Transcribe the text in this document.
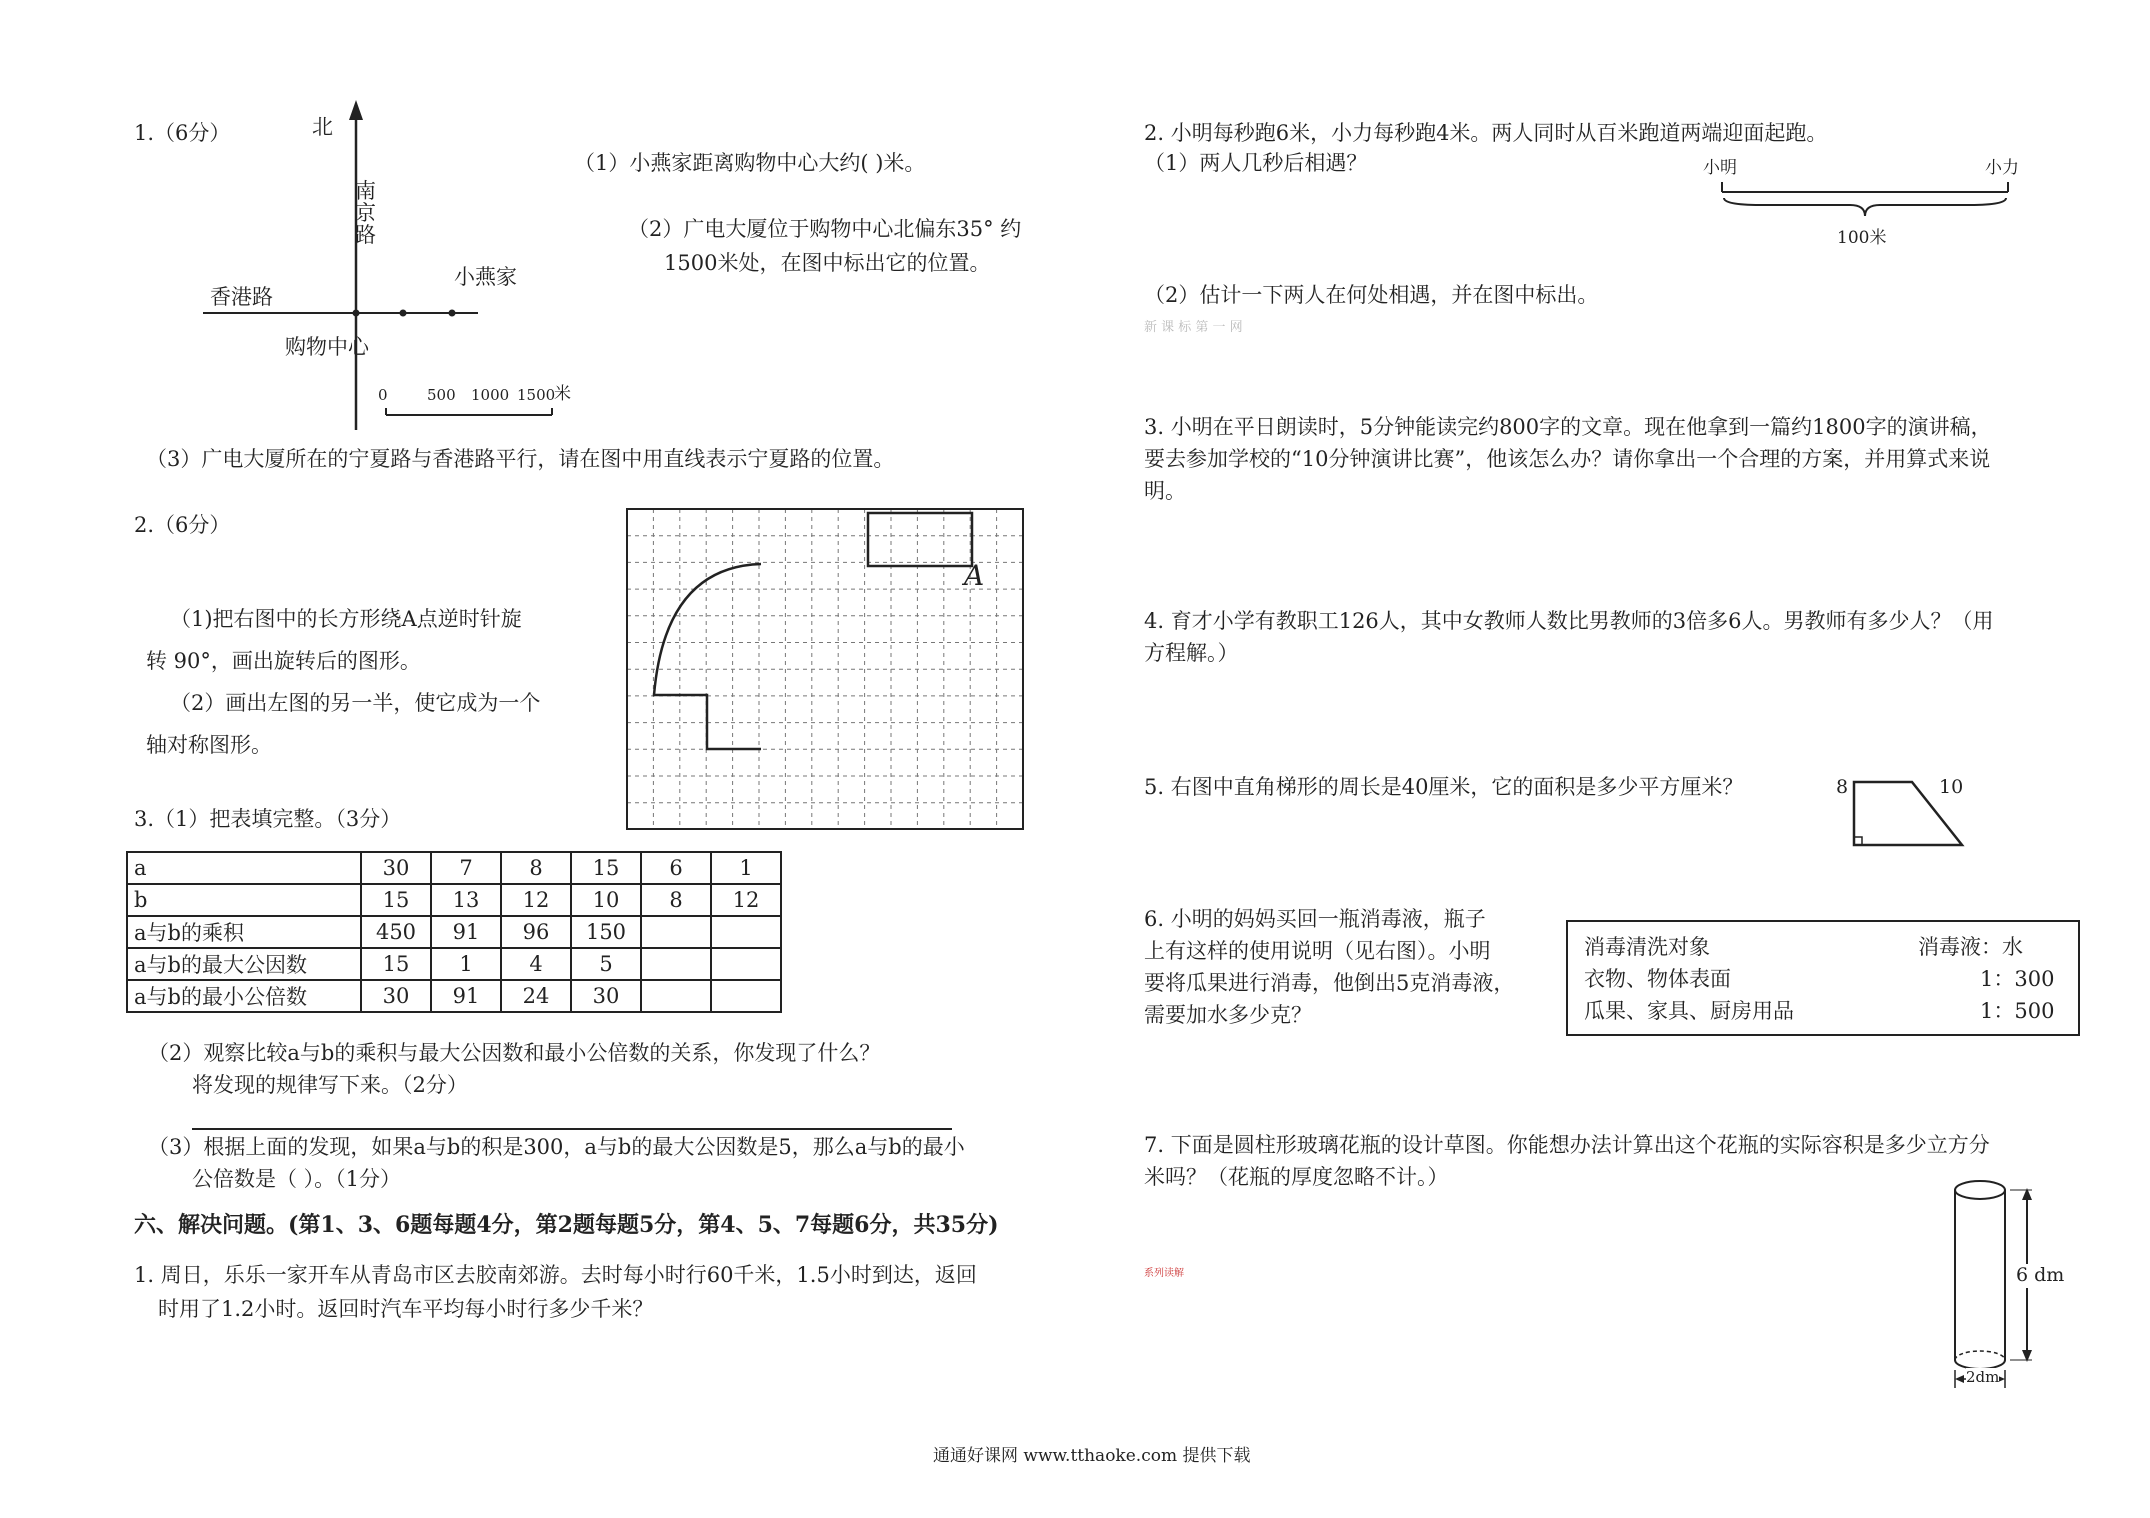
1.（6分）	北
南
京
路
香港路
小燕家
购物中心
0	500 1000 1500
米
（1）小燕家距离购物中心大约( )米。
（2）广电大厦位于购物中心北偏东35° 约
1500米处，在图中标出它的位置。
（3）广电大厦所在的宁夏路与香港路平行，请在图中用直线表示宁夏路的位置。
2.（6分）
（1)把右图中的长方形绕A点逆时针旋
转 90°，画出旋转后的图形。
（2）画出左图的另一半，使它成为一个
轴对称图形。
A
3.（1）把表填完整。（3分）
a	30	7	8	15	6	1
b	15	13	12	10	8	12
a与b的乘积	450	91	96	150		
a与b的最大公因数	15	1	4	5		
a与b的最小公倍数	30	91	24	30		
（2）观察比较a与b的乘积与最大公因数和最小公倍数的关系，你发现了什么？
将发现的规律写下来。（2分）
（3）根据上面的发现，如果a与b的积是300，a与b的最大公因数是5，那么a与b的最小
公倍数是（ ）。（1分）
六、解决问题。(第1、3、6题每题4分，第2题每题5分，第4、5、7每题6分，共35分)
1. 周日，乐乐一家开车从青岛市区去胶南郊游。去时每小时行60千米，1.5小时到达，返回
时用了1.2小时。返回时汽车平均每小时行多少千米？
2. 小明每秒跑6米，小力每秒跑4米。两人同时从百米跑道两端迎面起跑。
（1）两人几秒后相遇？	小明	小力
100米
（2）估计一下两人在何处相遇，并在图中标出。
新 课 标 第 一 网
3. 小明在平日朗读时，5分钟能读完约800字的文章。现在他拿到一篇约1800字的演讲稿，
要去参加学校的“10分钟演讲比赛”，他该怎么办？请你拿出一个合理的方案，并用算式来说
明。
4. 育才小学有教职工126人，其中女教师人数比男教师的3倍多6人。男教师有多少人？（用
方程解。）
5. 右图中直角梯形的周长是40厘米，它的面积是多少平方厘米？	8	10
6. 小明的妈妈买回一瓶消毒液，瓶子
上有这样的使用说明（见右图）。小明
要将瓜果进行消毒，他倒出5克消毒液，
需要加水多少克？
消毒清洗对象	消毒液：水
衣物、物体表面	1：300
瓜果、家具、厨房用品	1：500
7. 下面是圆柱形玻璃花瓶的设计草图。你能想办法计算出这个花瓶的实际容积是多少立方分
米吗？（花瓶的厚度忽略不计。）
系列读解	6 dm
2dm
通通好课网 www.tthaoke.com 提供下载
